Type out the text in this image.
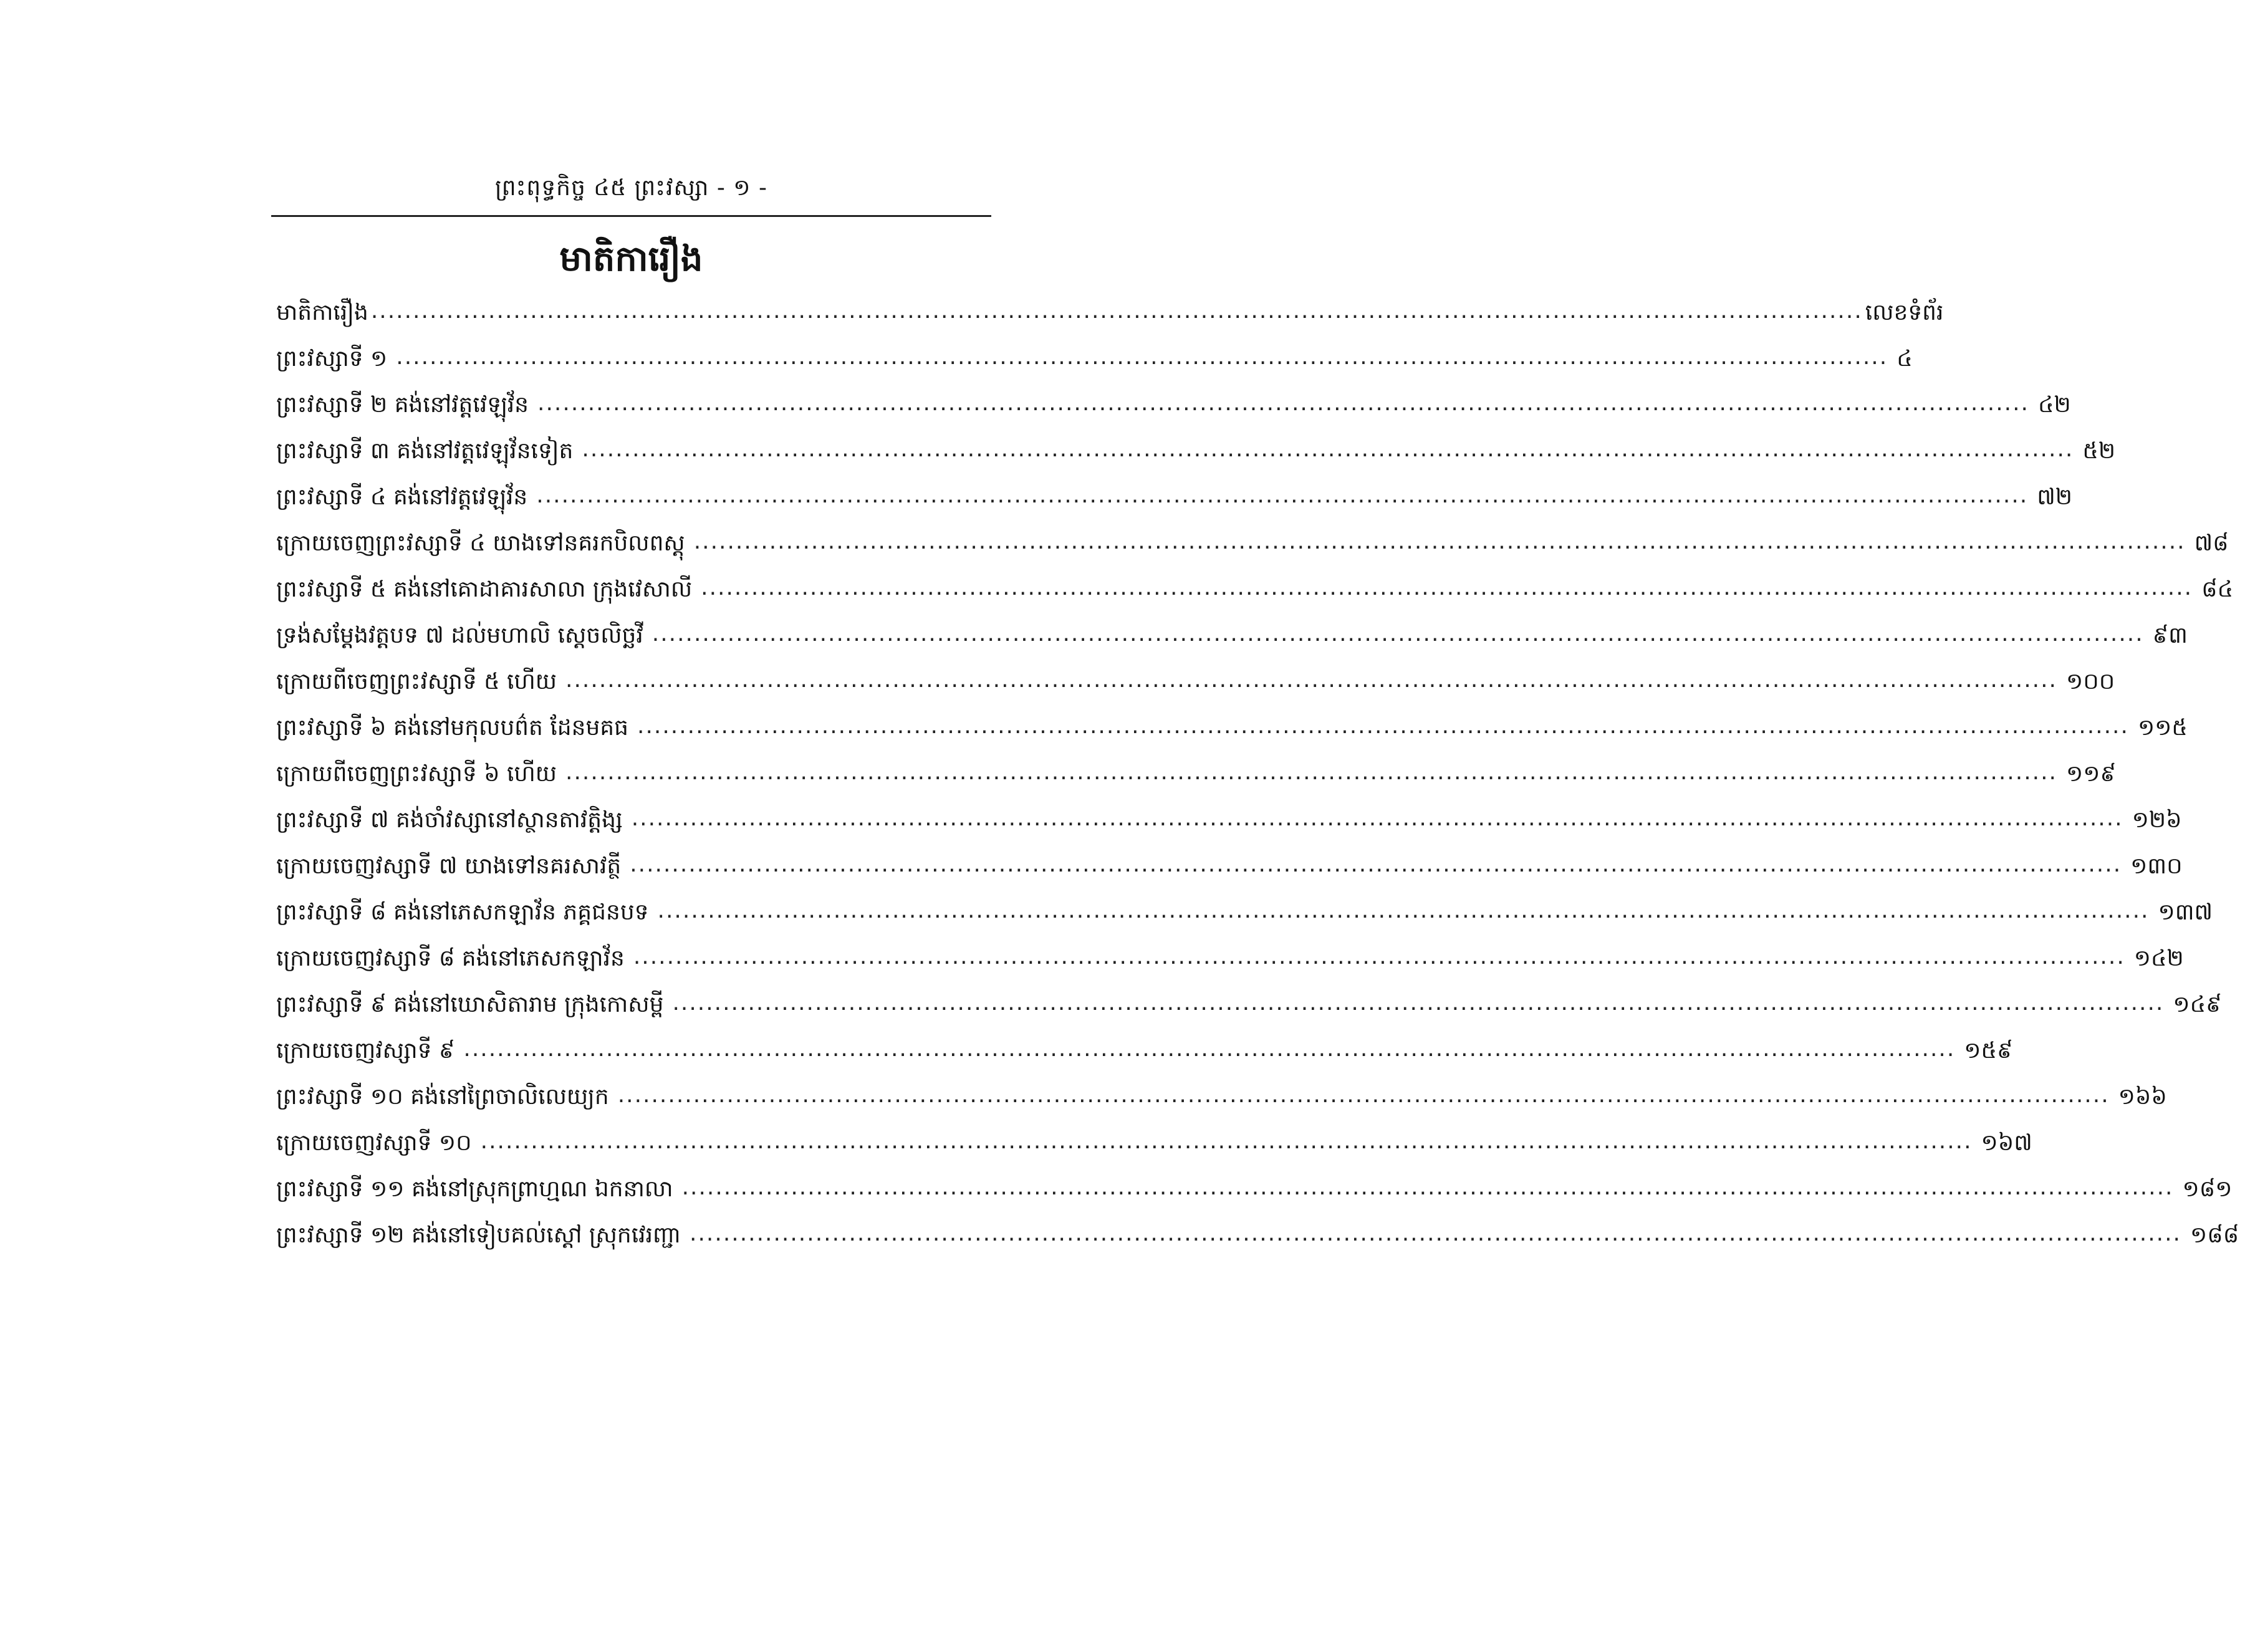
ព្រះពុទ្ធកិច្ច ៤៥ ព្រះវស្សា - ១ -
មាតិការឿង
មាតិការឿង .....	លេខទំព័រ
ព្រះវស្សាទី ១ .....	៤
ព្រះវស្សាទី ២ គង់នៅវត្តវេឡុវ័ន .....	៤២
ព្រះវស្សាទី ៣ គង់នៅវត្តវេឡុវ័នទៀត .....	៥២
ព្រះវស្សាទី ៤ គង់នៅវត្តវេឡុវ័ន .....	៧២
ក្រោយចេញព្រះវស្សាទី ៤ យាងទៅនគរកបិលពស្ដុ .....	៧៨
ព្រះវស្សាទី ៥ គង់នៅគោដាគារសាលា ក្រុងវេសាលី .....	៨៤
ទ្រង់សម្ដែងវត្តបទ ៧ ដល់មហាលិ ស្ដេចលិច្ឆវី .....	៩៣
ក្រោយពីចេញព្រះវស្សាទី ៥ ហើយ .....	១០០
ព្រះវស្សាទី ៦ គង់នៅមកុលបព៌ត ដែនមគធ .....	១១៥
ក្រោយពីចេញព្រះវស្សាទី ៦ ហើយ .....	១១៩
ព្រះវស្សាទី ៧ គង់ចាំវស្សានៅស្ថានតាវត្តិង្ស .....	១២៦
ក្រោយចេញវស្សាទី ៧ យាងទៅនគរសាវត្ថី .....	១៣០
ព្រះវស្សាទី ៨ គង់នៅភេសកឡាវ័ន ភគ្គជនបទ .....	១៣៧
ក្រោយចេញវស្សាទី ៨ គង់នៅភេសកឡាវ័ន .....	១៤២
ព្រះវស្សាទី ៩ គង់នៅឃោសិតារាម ក្រុងកោសម្ពី .....	១៤៩
ក្រោយចេញវស្សាទី ៩ .....	១៥៩
ព្រះវស្សាទី ១០ គង់នៅព្រៃចាលិលេយ្យក .....	១៦៦
ក្រោយចេញវស្សាទី ១០ .....	១៦៧
ព្រះវស្សាទី ១១ គង់នៅស្រុកព្រាហ្មណ ឯកនាលា .....	១៨១
ព្រះវស្សាទី ១២ គង់នៅទៀបគល់ស្ដៅ ស្រុកវេរញ្ជា .....	១៨៨
